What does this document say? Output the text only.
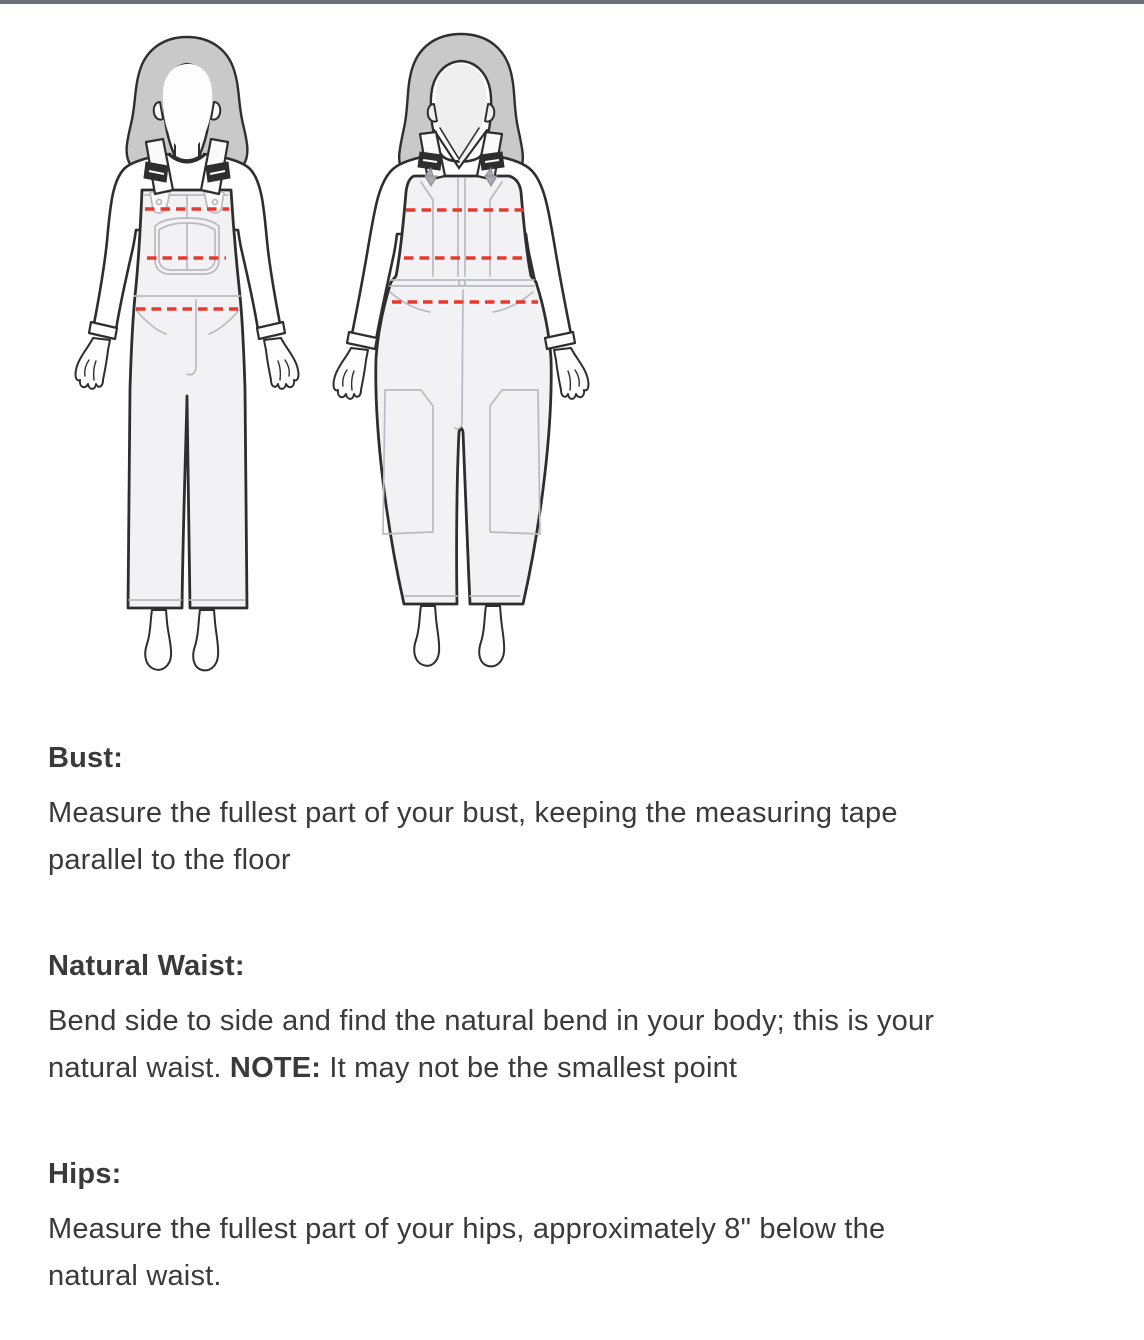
Bust:

Measure the fullest part of your bust, keeping the measuring tape parallel to the floor

Natural Waist:

Bend side to side and find the natural bend in your body; this is your natural waist. NOTE: It may not be the smallest point

Hips:

Measure the fullest part of your hips, approximately 8" below the natural waist.
